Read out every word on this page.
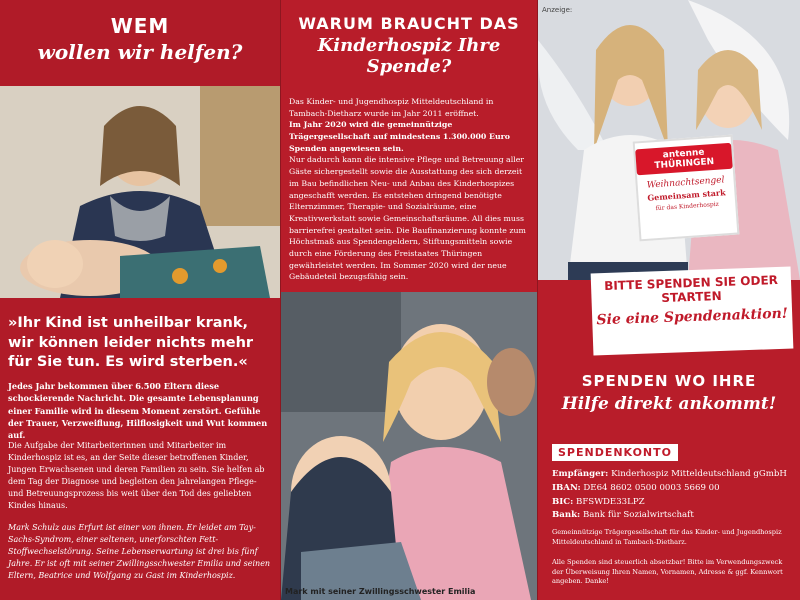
WEM
wollen wir helfen?
»Ihr Kind ist unheilbar krank, wir können leider nichts mehr für Sie tun. Es wird sterben.«
Jedes Jahr bekommen über 6.500 Eltern diese schockierende Nachricht. Die gesamte Lebensplanung einer Familie wird in diesem Moment zerstört. Gefühle der Trauer, Verzweiflung, Hilflosigkeit und Wut kommen auf.
Die Aufgabe der Mitarbeiterinnen und Mitarbeiter im Kinderhospiz ist es, an der Seite dieser betroffenen Kinder, Jungen Erwachsenen und deren Familien zu sein. Sie helfen ab dem Tag der Diagnose und begleiten den jahrelangen Pflege- und Betreuungsprozess bis weit über den Tod des geliebten Kindes hinaus.
Mark Schulz aus Erfurt ist einer von ihnen. Er leidet am Tay-Sachs-Syndrom, einer seltenen, unerforschten Fett-Stoffwechselstörung. Seine Lebenserwartung ist drei bis fünf Jahre. Er ist oft mit seiner Zwillingsschwester Emilia und seinen Eltern, Beatrice und Wolfgang zu Gast im Kinderhospiz.
WARUM BRAUCHT DAS
Kinderhospiz Ihre Spende?
Das Kinder- und Jugendhospiz Mitteldeutschland in Tambach-Dietharz wurde im Jahr 2011 eröffnet.
Im Jahr 2020 wird die gemeinnützige Trägergesellschaft auf mindestens 1.300.000 Euro Spenden angewiesen sein.
Nur dadurch kann die intensive Pflege und Betreuung aller Gäste sichergestellt sowie die Ausstattung des sich derzeit im Bau befindlichen Neu- und Anbau des Kinderhospizes angeschafft werden. Es entstehen dringend benötigte Elternzimmer, Therapie- und Sozialräume, eine Kreativwerkstatt sowie Gemeinschaftsräume. All dies muss barrierefrei gestaltet sein. Die Baufinanzierung konnte zum Höchstmaß aus Spendengeldern, Stiftungsmitteln sowie durch eine Förderung des Freistaates Thüringen gewährleistet werden. Im Sommer 2020 wird der neue Gebäudeteil bezugsfähig sein.
Mark mit seiner Zwillingsschwester Emilia
Anzeige:
antenne THÜRINGEN
Weihnachtsengel
Gemeinsam stark
für das Kinderhospiz
BITTE SPENDEN SIE ODER STARTEN
Sie eine Spendenaktion!
SPENDEN WO IHRE
Hilfe direkt ankommt!
SPENDENKONTO
Empfänger: Kinderhospiz Mitteldeutschland gGmbH
IBAN: DE64 8602 0500 0003 5669 00
BIC: BFSWDE33LPZ
Bank: Bank für Sozialwirtschaft
Gemeinnützige Trägergesellschaft für das Kinder- und Jugendhospiz Mitteldeutschland in Tambach-Dietharz.
Alle Spenden sind steuerlich absetzbar! Bitte im Verwendungszweck der Überweisung Ihren Namen, Vornamen, Adresse & ggf. Kennwort angeben. Danke!
